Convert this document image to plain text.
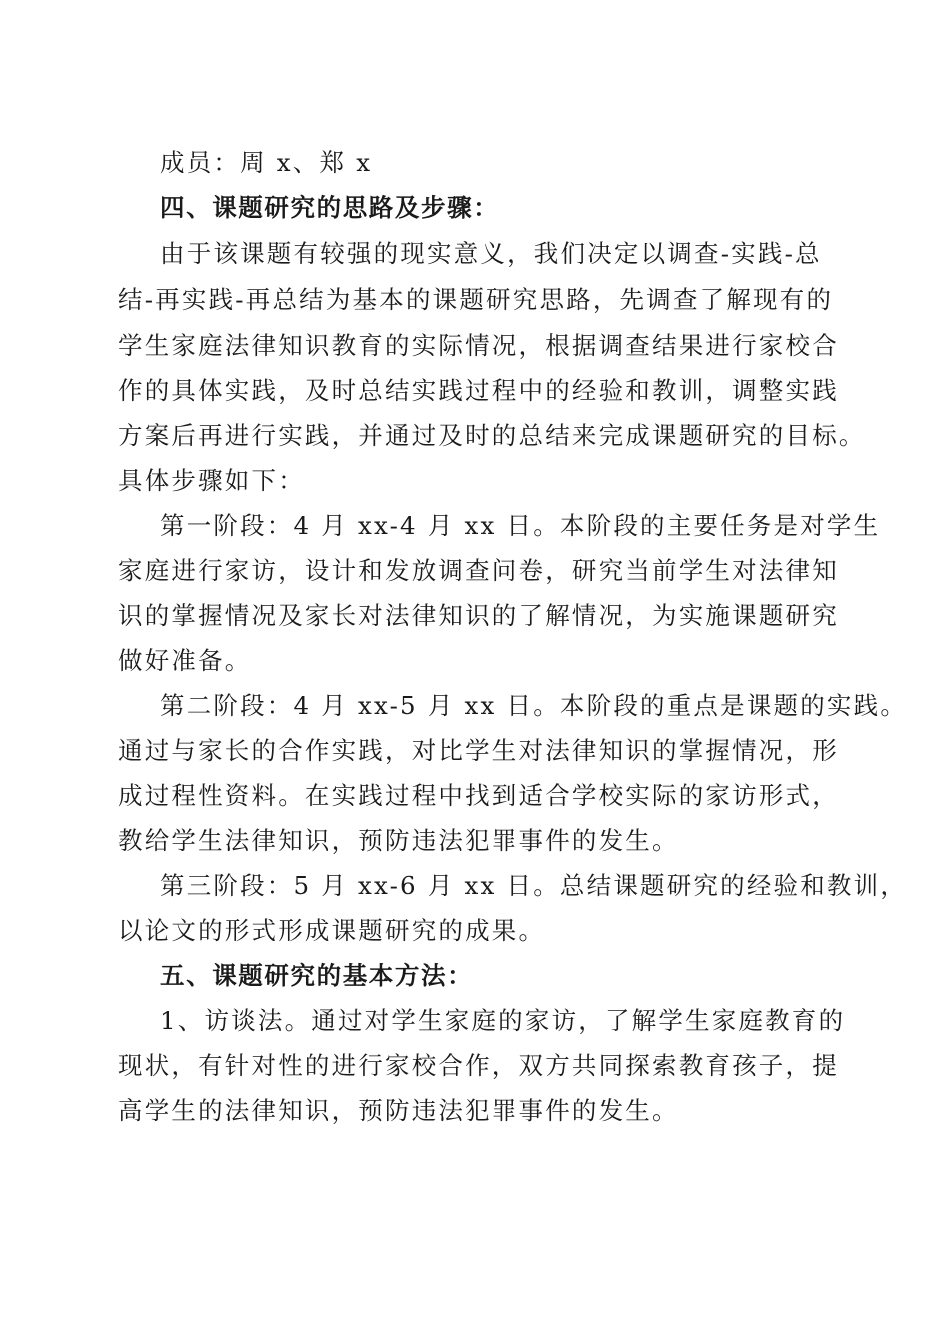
成员：周 x、郑 x
四、课题研究的思路及步骤：
由于该课题有较强的现实意义，我们决定以调查-实践-总
结-再实践-再总结为基本的课题研究思路，先调查了解现有的
学生家庭法律知识教育的实际情况，根据调查结果进行家校合
作的具体实践，及时总结实践过程中的经验和教训，调整实践
方案后再进行实践，并通过及时的总结来完成课题研究的目标。
具体步骤如下：
第一阶段：4 月 xx-4 月 xx 日。本阶段的主要任务是对学生
家庭进行家访，设计和发放调查问卷，研究当前学生对法律知
识的掌握情况及家长对法律知识的了解情况，为实施课题研究
做好准备。
第二阶段：4 月 xx-5 月 xx 日。本阶段的重点是课题的实践。
通过与家长的合作实践，对比学生对法律知识的掌握情况，形
成过程性资料。在实践过程中找到适合学校实际的家访形式，
教给学生法律知识，预防违法犯罪事件的发生。
第三阶段：5 月 xx-6 月 xx 日。总结课题研究的经验和教训，
以论文的形式形成课题研究的成果。
五、课题研究的基本方法：
1、访谈法。通过对学生家庭的家访，了解学生家庭教育的
现状，有针对性的进行家校合作，双方共同探索教育孩子，提
高学生的法律知识，预防违法犯罪事件的发生。
